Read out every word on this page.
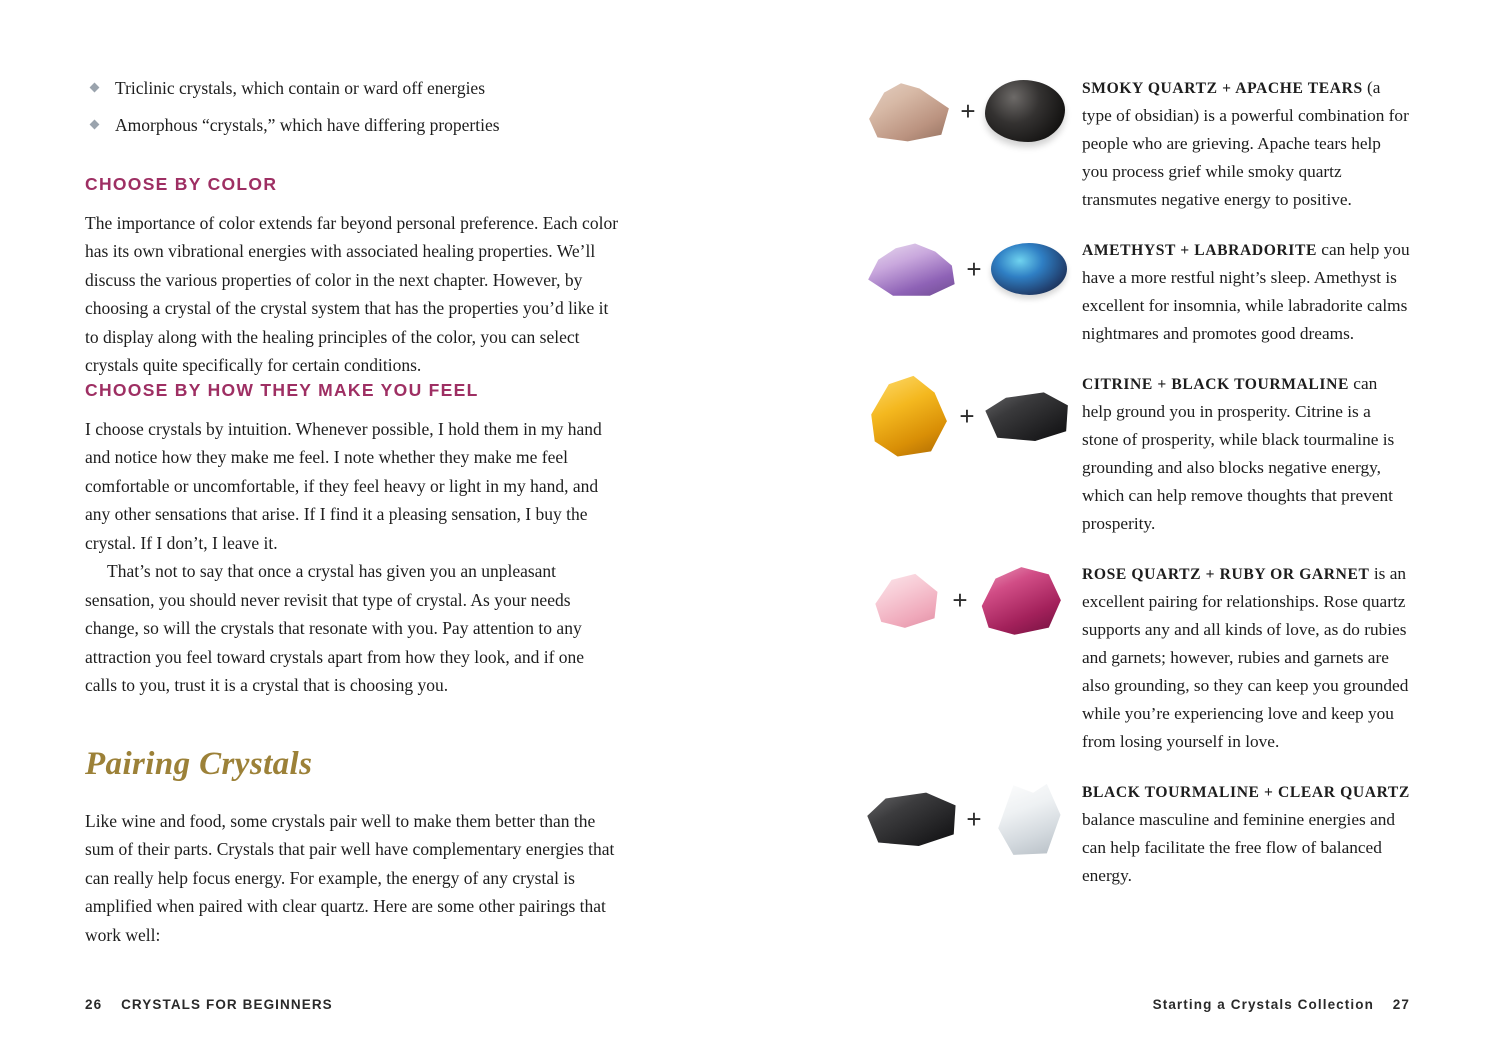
Triclinic crystals, which contain or ward off energies
Amorphous “crystals,” which have differing properties
CHOOSE BY COLOR

The importance of color extends far beyond personal preference. Each color has its own vibrational energies with associated healing properties. We’ll discuss the various properties of color in the next chapter. However, by choosing a crystal of the crystal system that has the properties you’d like it to display along with the healing principles of the color, you can select crystals quite specifically for certain conditions.

CHOOSE BY HOW THEY MAKE YOU FEEL

I choose crystals by intuition. Whenever possible, I hold them in my hand and notice how they make me feel. I note whether they make me feel comfortable or uncomfortable, if they feel heavy or light in my hand, and any other sensations that arise. If I find it a pleasing sensation, I buy the crystal. If I don’t, I leave it.

That’s not to say that once a crystal has given you an unpleasant sensation, you should never revisit that type of crystal. As your needs change, so will the crystals that resonate with you. Pay attention to any attraction you feel toward crystals apart from how they look, and if one calls to you, trust it is a crystal that is choosing you.

Pairing Crystals

Like wine and food, some crystals pair well to make them better than the sum of their parts. Crystals that pair well have complementary energies that can really help focus energy. For example, the energy of any crystal is amplified when paired with clear quartz. Here are some other pairings that work well:

26 CRYSTALS FOR BEGINNERS
+
SMOKY QUARTZ + APACHE TEARS (a type of obsidian) is a powerful combination for people who are grieving. Apache tears help you process grief while smoky quartz transmutes negative energy to positive.
+
AMETHYST + LABRADORITE can help you have a more restful night’s sleep. Amethyst is excellent for insomnia, while labradorite calms nightmares and promotes good dreams.
+
CITRINE + BLACK TOURMALINE can help ground you in prosperity. Citrine is a stone of prosperity, while black tourmaline is grounding and also blocks negative energy, which can help remove thoughts that prevent prosperity.
+
ROSE QUARTZ + RUBY OR GARNET is an excellent pairing for relationships. Rose quartz supports any and all kinds of love, as do rubies and garnets; however, rubies and garnets are also grounding, so they can keep you grounded while you’re experiencing love and keep you from losing yourself in love.
+
BLACK TOURMALINE + CLEAR QUARTZ balance masculine and feminine energies and can help facilitate the free flow of balanced energy.
Starting a Crystals Collection 27
